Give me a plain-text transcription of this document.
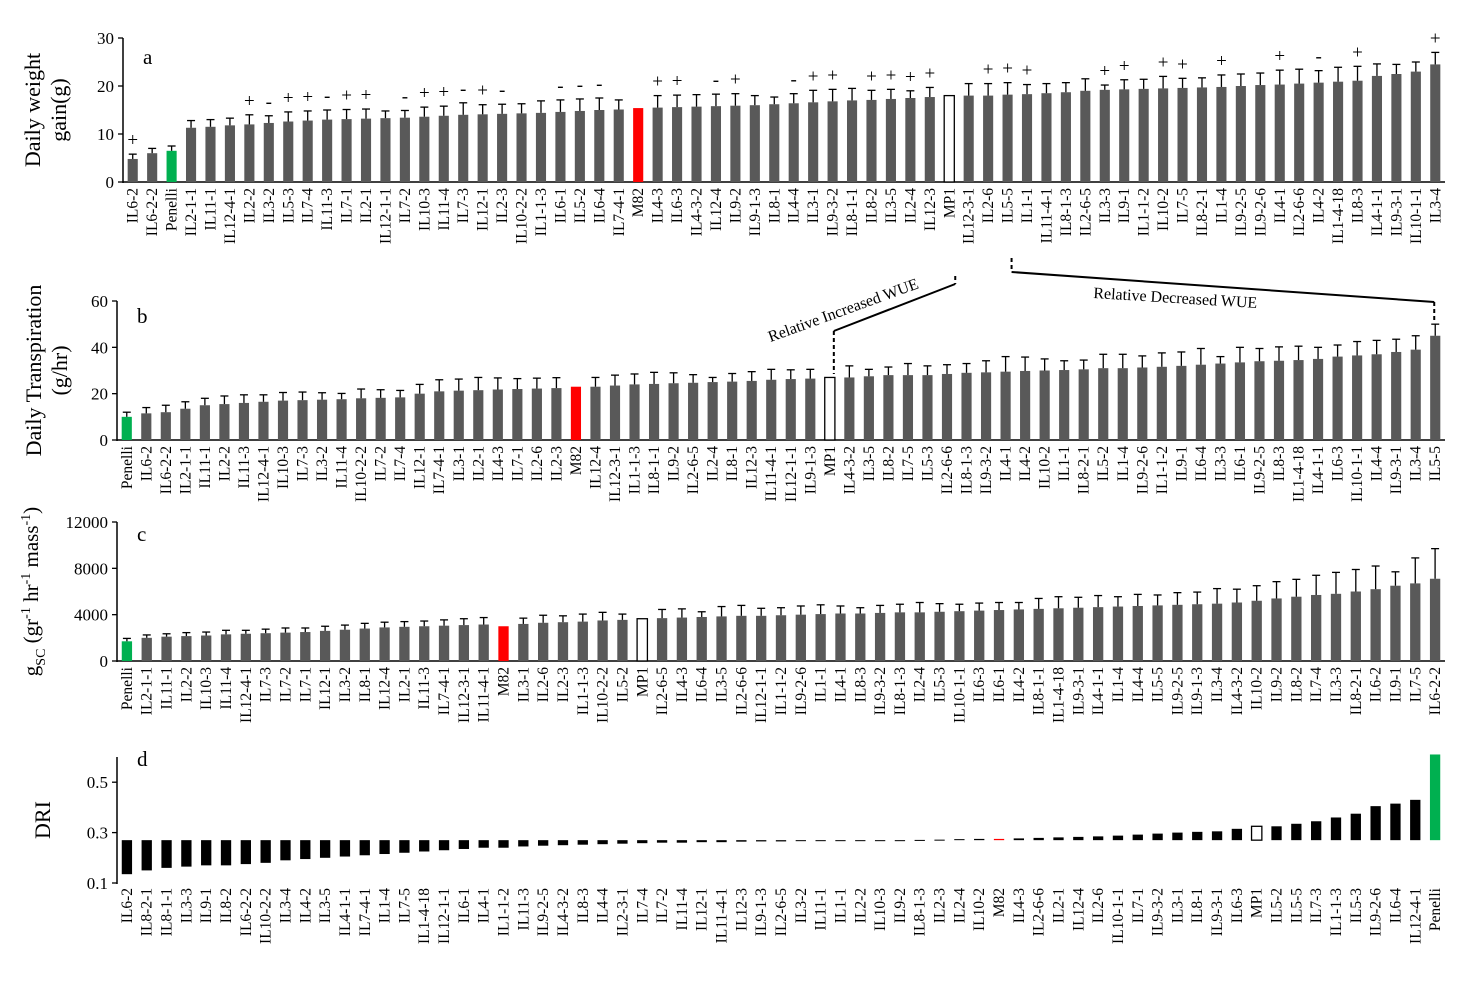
0
10
20
30
a
Daily weightgain(g)	+
IL6-2 IL6-2-2 Penelli IL2-1-1 IL11-1 IL12-4-1
+
IL2-2
-
IL3-2
+
IL5-3
+
IL7-4
-
IL11-3
+
IL7-1
+
IL2-1 IL12-1-1
-
IL7-2
+
IL10-3
+
IL11-4
-
IL7-3
+
IL12-1
-
IL2-3 IL10-2-2 IL1-1-3
-
IL6-1
-
IL5-2
-
IL6-4 IL7-4-1 M82
+
IL4-3
+
IL6-3 IL4-3-2
-
IL12-4
+
IL9-2 IL9-1-3 IL8-1
-
IL4-4
+
IL3-1
+
IL9-3-2 IL8-1-1
+
IL8-2
+
IL3-5
+
IL2-4
+
IL12-3 MP1 IL12-3-1
+
IL2-6
+
IL5-5
+
IL1-1 IL11-4-1 IL8-1-3 IL2-6-5
+
IL3-3
+
IL9-1 IL1-1-2
+
IL10-2
+
IL7-5 IL8-2-1
+
IL1-4 IL9-2-5 IL9-2-6
+
IL4-1 IL2-6-6
-
IL4-2 IL1-4-18
+
IL8-3 IL4-1-1 IL9-3-1 IL10-1-1
+
IL3-4
0
20
40
60
b
Daily Transpiration(g/hr)
Penelli IL6-2 IL6-2-2 IL2-1-1 IL11-1 IL2-2 IL11-3 IL12-4-1 IL10-3 IL7-3 IL3-2 IL11-4 IL10-2-2 IL7-2 IL7-4 IL12-1 IL7-4-1 IL3-1 IL2-1 IL4-3 IL7-1 IL2-6 IL2-3 M82 IL12-4 IL12-3-1 IL1-1-3 IL8-1-1 IL9-2 IL2-6-5 IL2-4 IL8-1 IL12-3 IL11-4-1 IL12-1-1 IL9-1-3 MP1 IL4-3-2 IL3-5 IL8-2 IL7-5 IL5-3 IL2-6-6 IL8-1-3 IL9-3-2 IL4-1 IL4-2 IL10-2 IL1-1 IL8-2-1 IL5-2 IL1-4 IL9-2-6 IL1-1-2 IL9-1 IL6-4 IL3-3 IL6-1 IL9-2-5 IL8-3 IL1-4-18 IL4-1-1 IL6-3 IL10-1-1 IL4-4 IL9-3-1 IL3-4 IL5-5
Relative Increased WUE	Relative Decreased WUE
0
4000
8000
12000 c
$g_{SC}$ ($gr^{-1}$ $hr^{-1}$ mass$^{-1}$)
Penelli IL2-1-1 IL11-1 IL2-2 IL10-3 IL11-4 IL12-4-1 IL7-3 IL7-2 IL7-1 IL12-1 IL3-2 IL8-1 IL12-4 IL2-1 IL11-3 IL7-4-1 IL12-3-1 IL11-4-1 M82 IL3-1 IL2-6 IL2-3 IL1-1-3 IL10-2-2 IL5-2 MP1 IL2-6-5 IL4-3 IL6-4 IL3-5 IL2-6-6 IL12-1-1 IL1-1-2 IL9-2-6 IL1-1 IL4-1 IL8-3 IL9-3-2 IL8-1-3 IL2-4 IL5-3 IL10-1-1 IL6-3 IL6-1 IL4-2 IL8-1-1 IL1-4-18 IL9-3-1 IL4-1-1 IL1-4 IL4-4 IL5-5 IL9-2-5 IL9-1-3 IL3-4 IL4-3-2 IL10-2 IL9-2 IL8-2 IL7-4 IL3-3 IL8-2-1 IL6-2 IL9-1 IL7-5 IL6-2-2
0.1
0.3
0.5
d
DRI
IL6-2 IL8-2-1 IL8-1-1 IL3-3 IL9-1 IL8-2 IL6-2-2 IL10-2-2 IL3-4 IL4-2 IL3-5 IL4-1-1 IL7-4-1 IL1-4 IL7-5 IL1-4-18 IL12-1-1 IL6-1 IL4-1 IL1-1-2 IL11-3 IL9-2-5 IL4-3-2 IL8-3 IL4-4 IL2-3-1 IL7-4 IL7-2 IL11-4 IL12-1 IL11-4-1 IL12-3 IL9-1-3 IL2-6-5 IL3-2 IL11-1 IL1-1 IL2-2 IL10-3 IL9-2 IL8-1-3 IL2-3 IL2-4 IL10-2 M82 IL4-3 IL2-6-6 IL2-1 IL12-4 IL2-6 IL10-1-1 IL7-1 IL9-3-2 IL3-1 IL8-1 IL9-3-1 IL6-3 MP1 IL5-2 IL5-5 IL7-3 IL1-1-3 IL5-3 IL9-2-6 IL6-4 IL12-4-1 Penelli
